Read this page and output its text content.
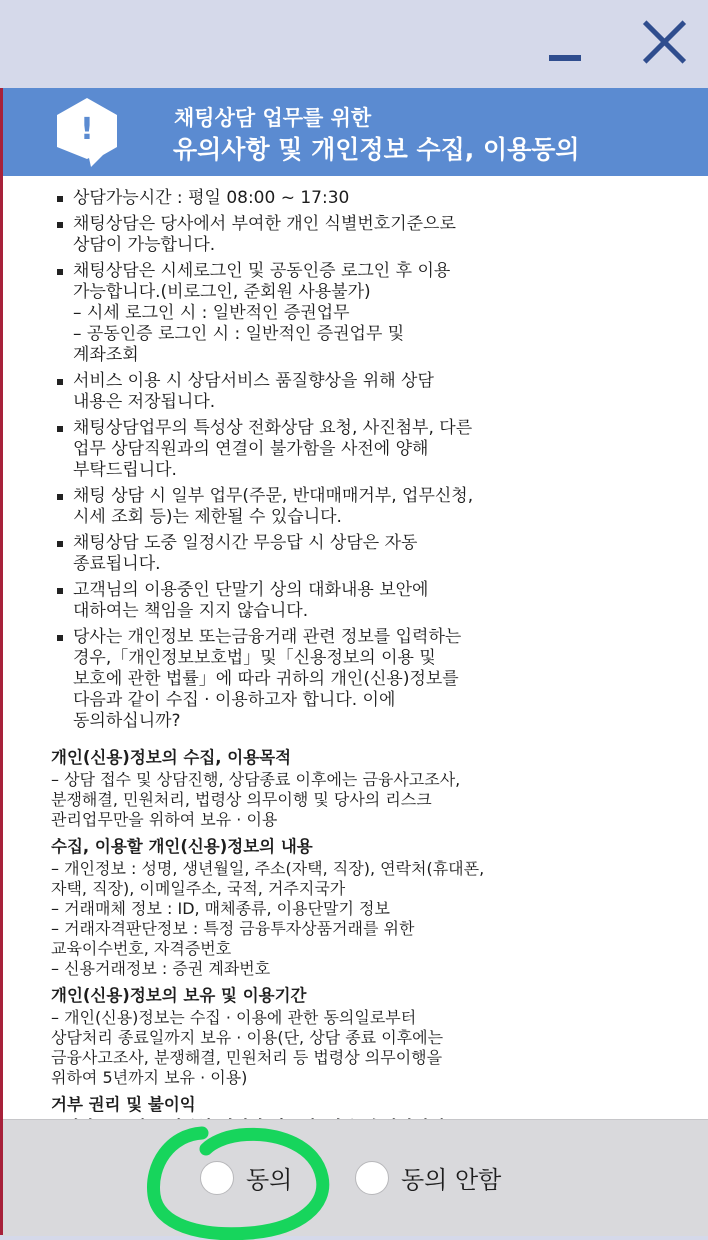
!	채팅상담 업무를 위한
유의사항 및 개인정보 수집, 이용동의
상담가능시간 : 평일 08:00 ~ 17:30
채팅상담은 당사에서 부여한 개인 식별번호기준으로
상담이 가능합니다.
채팅상담은 시세로그인 및 공동인증 로그인 후 이용
가능합니다.(비로그인, 준회원 사용불가)
– 시세 로그인 시 : 일반적인 증권업무
– 공동인증 로그인 시 : 일반적인 증권업무 및
계좌조회
서비스 이용 시 상담서비스 품질향상을 위해 상담
내용은 저장됩니다.
채팅상담업무의 특성상 전화상담 요청, 사진첨부, 다른
업무 상담직원과의 연결이 불가함을 사전에 양해
부탁드립니다.
채팅 상담 시 일부 업무(주문, 반대매매거부, 업무신청,
시세 조회 등)는 제한될 수 있습니다.
채팅상담 도중 일정시간 무응답 시 상담은 자동
종료됩니다.
고객님의 이용중인 단말기 상의 대화내용 보안에
대하여는 책임을 지지 않습니다.
당사는 개인정보 또는금융거래 관련 정보를 입력하는
경우,「개인정보보호법」및「신용정보의 이용 및
보호에 관한 법률」에 따라 귀하의 개인(신용)정보를
다음과 같이 수집 · 이용하고자 합니다. 이에
동의하십니까?
개인(신용)정보의 수집, 이용목적
– 상담 접수 및 상담진행, 상담종료 이후에는 금융사고조사,
분쟁해결, 민원처리, 법령상 의무이행 및 당사의 리스크
관리업무만을 위하여 보유 · 이용
수집, 이용할 개인(신용)정보의 내용
– 개인정보 : 성명, 생년월일, 주소(자택, 직장), 연락처(휴대폰,
자택, 직장), 이메일주소, 국적, 거주지국가
– 거래매체 정보 : ID, 매체종류, 이용단말기 정보
– 거래자격판단정보 : 특정 금융투자상품거래를 위한
교육이수번호, 자격증번호
– 신용거래정보 : 증권 계좌번호
개인(신용)정보의 보유 및 이용기간
– 개인(신용)정보는 수집 · 이용에 관한 동의일로부터
상담처리 종료일까지 보유 · 이용(단, 상담 종료 이후에는
금융사고조사, 분쟁해결, 민원처리 등 법령상 의무이행을
위하여 5년까지 보유 · 이용)
거부 권리 및 불이익
동의	동의 안함
